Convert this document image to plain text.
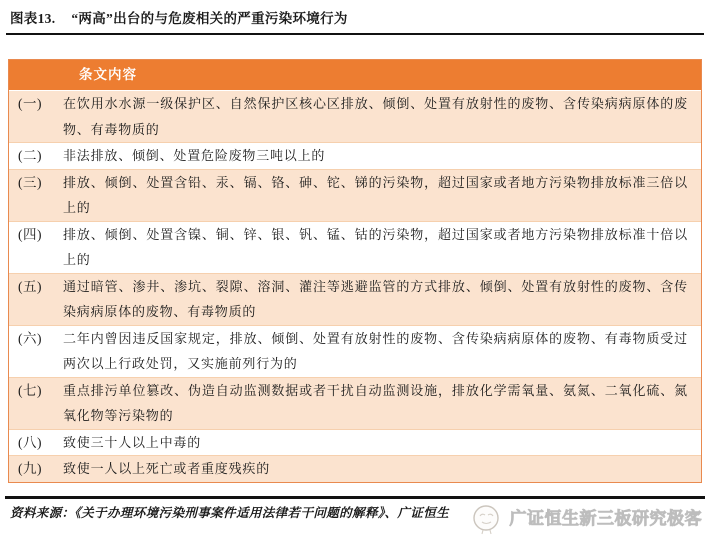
图表13. “两高”出台的与危废相关的严重污染环境行为
条文内容
(一)	在饮用水水源一级保护区、自然保护区核心区排放、倾倒、处置有放射性的废物、含传染病病原体的废物、有毒物质的
(二)	非法排放、倾倒、处置危险废物三吨以上的
(三)	排放、倾倒、处置含铅、汞、镉、铬、砷、铊、锑的污染物，超过国家或者地方污染物排放标准三倍以上的
(四)	排放、倾倒、处置含镍、铜、锌、银、钒、锰、钴的污染物，超过国家或者地方污染物排放标准十倍以上的
(五)	通过暗管、渗井、渗坑、裂隙、溶洞、灌注等逃避监管的方式排放、倾倒、处置有放射性的废物、含传染病病原体的废物、有毒物质的
(六)	二年内曾因违反国家规定，排放、倾倒、处置有放射性的废物、含传染病病原体的废物、有毒物质受过两次以上行政处罚，又实施前列行为的
(七)	重点排污单位篡改、伪造自动监测数据或者干扰自动监测设施，排放化学需氧量、氨氮、二氧化硫、氮氧化物等污染物的
(八)	致使三十人以上中毒的
(九)	致使一人以上死亡或者重度残疾的
资料来源：《关于办理环境污染刑事案件适用法律若干问题的解释》、广证恒生	广证恒生新三板研究极客
